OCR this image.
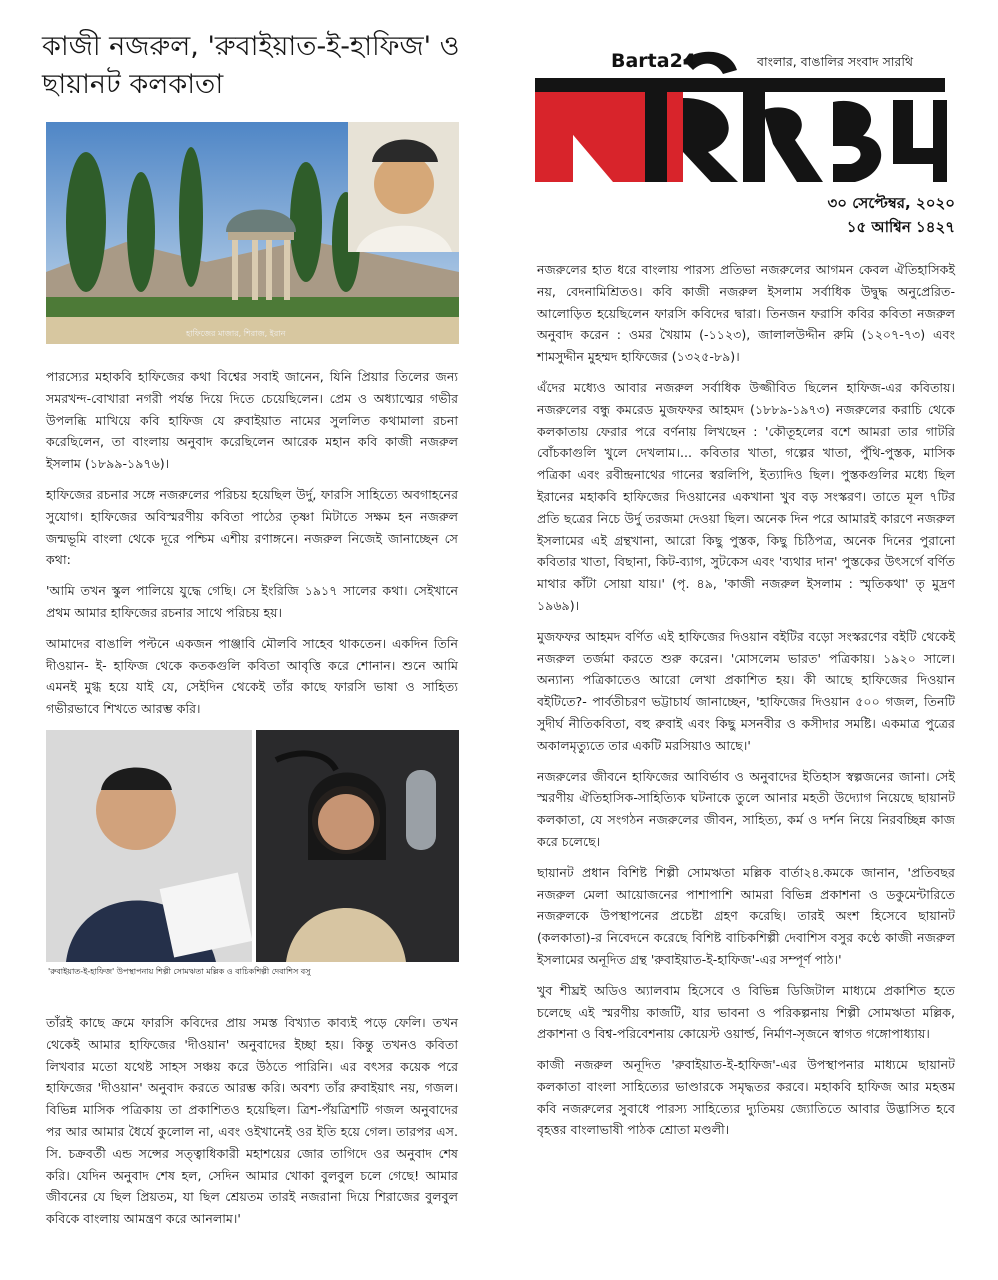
কাজী নজরুল, 'রুবাইয়াত-ই-হাফিজ' ও ছায়ানট কলকাতা
Barta24	বাংলার, বাঙালির সংবাদ সারথি
৩০ সেপ্টেম্বর, ২০২০
১৫ আশ্বিন ১৪২৭
হাফিজের মাজার, শিরাজ, ইরান

পারস্যের মহাকবি হাফিজের কথা বিশ্বের সবাই জানেন, যিনি প্রিয়ার তিলের জন্য সমরখন্দ-বোখারা নগরী পর্যন্ত দিয়ে দিতে চেয়েছিলেন। প্রেম ও অধ্যাত্মের গভীর উপলব্ধি মাখিয়ে কবি হাফিজ যে রুবাইয়াত নামের সুললিত কথামালা রচনা করেছিলেন, তা বাংলায় অনুবাদ করেছিলেন আরেক মহান কবি কাজী নজরুল ইসলাম (১৮৯৯-১৯৭৬)।

হাফিজের রচনার সঙ্গে নজরুলের পরিচয় হয়েছিল উর্দু, ফারসি সাহিত্যে অবগাহনের সুযোগ। হাফিজের অবিস্মরণীয় কবিতা পাঠের তৃষ্ণা মিটাতে সক্ষম হন নজরুল জন্মভূমি বাংলা থেকে দূরে পশ্চিম এশীয় রণাঙ্গনে। নজরুল নিজেই জানাচ্ছেন সে কথা:

'আমি তখন স্কুল পালিয়ে যুদ্ধে গেছি। সে ইংরিজি ১৯১৭ সালের কথা। সেইখানে প্রথম আমার হাফিজের রচনার সাথে পরিচয় হয়।

আমাদের বাঙালি পল্টনে একজন পাঞ্জাবি মৌলবি সাহেব থাকতেন। একদিন তিনি দীওয়ান- ই- হাফিজ থেকে কতকগুলি কবিতা আবৃত্তি করে শোনান। শুনে আমি এমনই মুগ্ধ হয়ে যাই যে, সেইদিন থেকেই তাঁর কাছে ফারসি ভাষা ও সাহিত্য গভীরভাবে শিখতে আরম্ভ করি।

'রুবাইয়াত-ই-হাফিজ' উপস্থাপনায় শিল্পী সোমঋতা মল্লিক ও বাচিকশিল্পী দেবাশিস বসু

তাঁরই কাছে ক্রমে ফারসি কবিদের প্রায় সমস্ত বিখ্যাত কাব্যই পড়ে ফেলি। তখন থেকেই আমার হাফিজের 'দীওয়ান' অনুবাদের ইচ্ছা হয়। কিন্তু তখনও কবিতা লিখবার মতো যথেষ্ট সাহস সঞ্চয় করে উঠতে পারিনি। এর বৎসর কয়েক পরে হাফিজের 'দীওয়ান' অনুবাদ করতে আরম্ভ করি। অবশ্য তাঁর রুবাইয়াৎ নয়, গজল। বিভিন্ন মাসিক পত্রিকায় তা প্রকাশিতও হয়েছিল। ত্রিশ-পঁয়ত্রিশটি গজল অনুবাদের পর আর আমার ধৈর্যে কুলোল না, এবং ওইখানেই ওর ইতি হয়ে গেল। তারপর এস. সি. চক্রবর্তী এন্ড সন্সের সত্ত্বাধিকারী মহাশয়ের জোর তাগিদে ওর অনুবাদ শেষ করি। যেদিন অনুবাদ শেষ হল, সেদিন আমার খোকা বুলবুল চলে গেছে! আমার জীবনের যে ছিল প্রিয়তম, যা ছিল শ্রেয়তম তারই নজরানা দিয়ে শিরাজের বুলবুল কবিকে বাংলায় আমন্ত্রণ করে আনলাম।'

নজরুলের হাত ধরে বাংলায় পারস্য প্রতিভা নজরুলের আগমন কেবল ঐতিহাসিকই নয়, বেদনামিশ্রিতও। কবি কাজী নজরুল ইসলাম সর্বাধিক উদ্বুদ্ধ অনুপ্রেরিত-আলোড়িত হয়েছিলেন ফারসি কবিদের দ্বারা। তিনজন ফরাসি কবির কবিতা নজরুল অনুবাদ করেন : ওমর খৈয়াম (-১১২৩), জালালউদ্দীন রুমি (১২০৭-৭৩) এবং শামসুদ্দীন মুহম্মদ হাফিজের (১৩২৫-৮৯)।

এঁদের মধ্যেও আবার নজরুল সর্বাধিক উজ্জীবিত ছিলেন হাফিজ-এর কবিতায়। নজরুলের বন্ধু কমরেড মুজফফর আহমদ (১৮৮৯-১৯৭৩) নজরুলের করাচি থেকে কলকাতায় ফেরার পরে বর্ণনায় লিখছেন : 'কৌতূহলের বশে আমরা তার গাটরি বোঁচকাগুলি খুলে দেখলাম।... কবিতার খাতা, গল্পের খাতা, পুঁথি-পুস্তক, মাসিক পত্রিকা এবং রবীন্দ্রনাথের গানের স্বরলিপি, ইত্যাদিও ছিল। পুস্তকগুলির মধ্যে ছিল ইরানের মহাকবি হাফিজের দিওয়ানের একখানা খুব বড় সংস্করণ। তাতে মূল ৭টির প্রতি ছত্রের নিচে উর্দু তরজমা দেওয়া ছিল। অনেক দিন পরে আমারই কারণে নজরুল ইসলামের এই গ্রন্থখানা, আরো কিছু পুস্তক, কিছু চিঠিপত্র, অনেক দিনের পুরানো কবিতার খাতা, বিছানা, কিট-ব্যাগ, সুটকেস এবং 'ব্যথার দান' পুস্তকের উৎসর্গে বর্ণিত মাথার কাঁটা সোয়া যায়।' (পৃ. ৪৯, 'কাজী নজরুল ইসলাম : স্মৃতিকথা' তৃ মুদ্রণ ১৯৬৯)।

মুজফফর আহমদ বর্ণিত এই হাফিজের দিওয়ান বইটির বড়ো সংস্করণের বইটি থেকেই নজরুল তর্জমা করতে শুরু করেন। 'মোসলেম ভারত' পত্রিকায়। ১৯২০ সালে। অন্যান্য পত্রিকাতেও আরো লেখা প্রকাশিত হয়। কী আছে হাফিজের দিওয়ান বইটিতে?- পার্বতীচরণ ভট্টাচার্য জানাচ্ছেন, 'হাফিজের দিওয়ান ৫০০ গজল, তিনটি সুদীর্ঘ নীতিকবিতা, বহু রুবাই এবং কিছু মসনবীর ও কসীদার সমষ্টি। একমাত্র পুত্রের অকালমৃত্যুতে তার একটি মরসিয়াও আছে।'

নজরুলের জীবনে হাফিজের আবির্ভাব ও অনুবাদের ইতিহাস স্বল্পজনের জানা। সেই স্মরণীয় ঐতিহাসিক-সাহিত্যিক ঘটনাকে তুলে আনার মহতী উদ্যোগ নিয়েছে ছায়ানট কলকাতা, যে সংগঠন নজরুলের জীবন, সাহিত্য, কর্ম ও দর্শন নিয়ে নিরবচ্ছিন্ন কাজ করে চলেছে।

ছায়ানট প্রধান বিশিষ্ট শিল্পী সোমঋতা মল্লিক বার্তা২৪.কমকে জানান, 'প্রতিবছর নজরুল মেলা আয়োজনের পাশাপাশি আমরা বিভিন্ন প্রকাশনা ও ডকুমেন্টারিতে নজরুলকে উপস্থাপনের প্রচেষ্টা গ্রহণ করেছি। তারই অংশ হিসেবে ছায়ানট (কলকাতা)-র নিবেদনে করেছে বিশিষ্ট বাচিকশিল্পী দেবাশিস বসুর কণ্ঠে কাজী নজরুল ইসলামের অনূদিত গ্রন্থ 'রুবাইয়াত-ই-হাফিজ'-এর সম্পূর্ণ পাঠ।'

খুব শীঘ্রই অডিও অ্যালবাম হিসেবে ও বিভিন্ন ডিজিটাল মাধ্যমে প্রকাশিত হতে চলেছে এই স্মরণীয় কাজটি, যার ভাবনা ও পরিকল্পনায় শিল্পী সোমঋতা মল্লিক, প্রকাশনা ও বিশ্ব-পরিবেশনায় কোয়েস্ট ওয়ার্ল্ড, নির্মাণ-সৃজনে স্বাগত গঙ্গোপাধ্যায়।

কাজী নজরুল অনূদিত 'রুবাইয়াত-ই-হাফিজ'-এর উপস্থাপনার মাধ্যমে ছায়ানট কলকাতা বাংলা সাহিত্যের ভাণ্ডারকে সমৃদ্ধতর করবে। মহাকবি হাফিজ আর মহত্তম কবি নজরুলের সুবাধে পারস্য সাহিত্যের দ্যুতিময় জ্যোতিতে আবার উদ্ভাসিত হবে বৃহত্তর বাংলাভাষী পাঠক শ্রোতা মণ্ডলী।
